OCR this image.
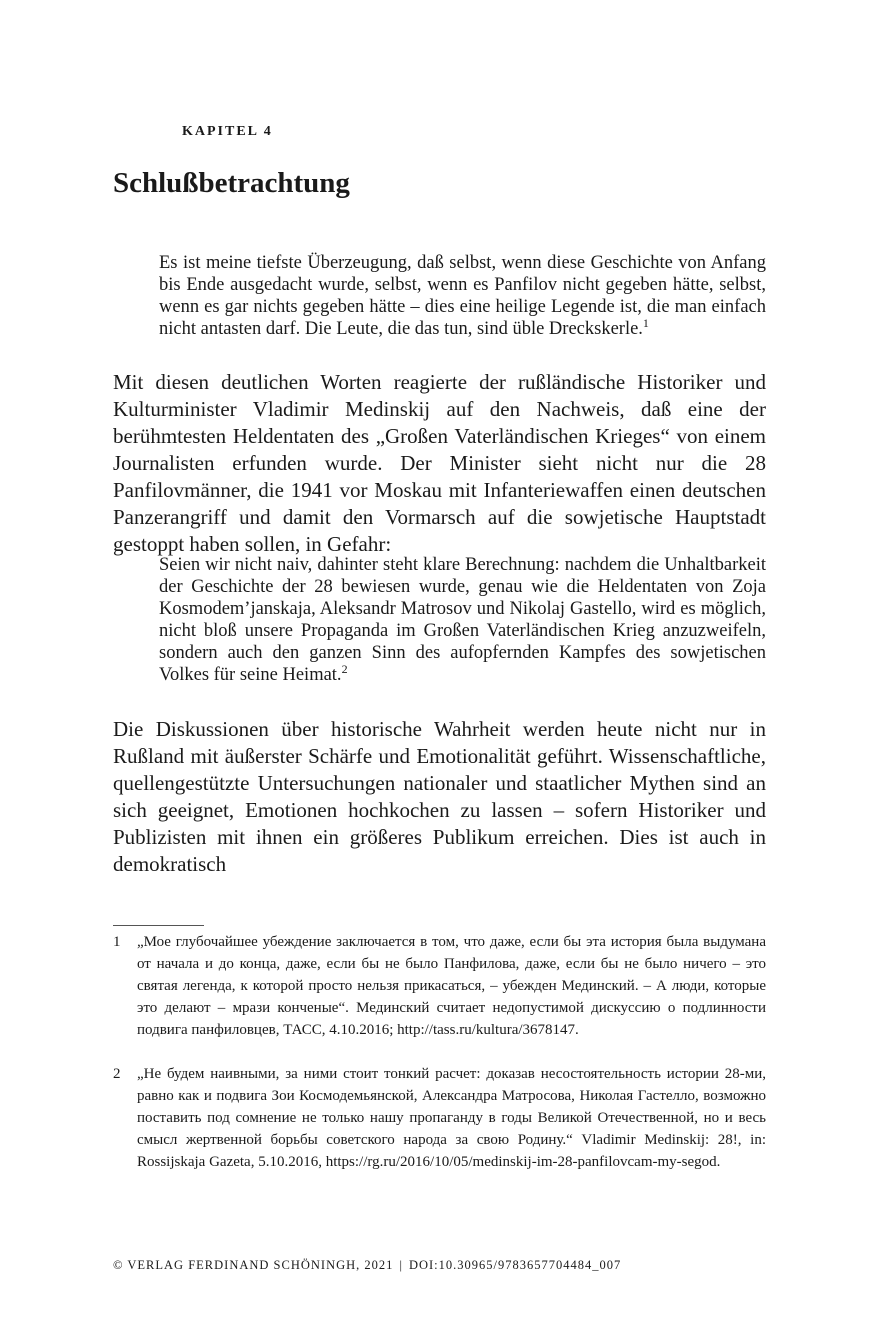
KAPITEL 4
Schlußbetrachtung

Es ist meine tiefste Überzeugung, daß selbst, wenn diese Geschichte von Anfang bis Ende ausgedacht wurde, selbst, wenn es Panfilov nicht gegeben hätte, selbst, wenn es gar nichts gegeben hätte – dies eine heilige Legende ist, die man einfach nicht antasten darf. Die Leute, die das tun, sind üble Dreckskerle.$^1$

Mit diesen deutlichen Worten reagierte der rußländische Historiker und Kulturminister Vladimir Medinskij auf den Nachweis, daß eine der berühmtesten Heldentaten des „Großen Vaterländischen Krieges“ von einem Journalisten erfunden wurde. Der Minister sieht nicht nur die 28 Panfilovmänner, die 1941 vor Moskau mit Infanteriewaffen einen deutschen Panzerangriff und damit den Vormarsch auf die sowjetische Hauptstadt gestoppt haben sollen, in Gefahr:

Seien wir nicht naiv, dahinter steht klare Berechnung: nachdem die Unhaltbarkeit der Geschichte der 28 bewiesen wurde, genau wie die Heldentaten von Zoja Kosmodem’janskaja, Aleksandr Matrosov und Nikolaj Gastello, wird es möglich, nicht bloß unsere Propaganda im Großen Vaterländischen Krieg anzuzweifeln, sondern auch den ganzen Sinn des aufopfernden Kampfes des sowjetischen Volkes für seine Heimat.$^2$

Die Diskussionen über historische Wahrheit werden heute nicht nur in Rußland mit äußerster Schärfe und Emotionalität geführt. Wissenschaftliche, quellengestützte Untersuchungen nationaler und staatlicher Mythen sind an sich geeignet, Emotionen hochkochen zu lassen – sofern Historiker und Publizisten mit ihnen ein größeres Publikum erreichen. Dies ist auch in demokratisch

1	„Мое глубочайшее убеждение заключается в том, что даже, если бы эта история была выдумана от начала и до конца, даже, если бы не было Панфилова, даже, если бы не было ничего – это святая легенда, к которой просто нельзя прикасаться, – убежден Мединский. – А люди, которые это делают – мрази конченые“. Мединский считает недопустимой дискуссию о подлинности подвига панфиловцев, ТАСС, 4.10.2016; http://tass.ru/kultura/3678147.

2	„Не будем наивными, за ними стоит тонкий расчет: доказав несостоятельность истории 28-ми, равно как и подвига Зои Космодемьянской, Александра Матросова, Николая Гастелло, возможно поставить под сомнение не только нашу пропаганду в годы Великой Отечественной, но и весь смысл жертвенной борьбы советского народа за свою Родину.“ Vladimir Medinskij: 28!, in: Rossijskaja Gazeta, 5.10.2016, https://rg.ru/2016/10/05/medinskij-im-28-panfilovcam-my-segod.

© VERLAG FERDINAND SCHÖNINGH, 2021 | DOI:10.30965/9783657704484_007
